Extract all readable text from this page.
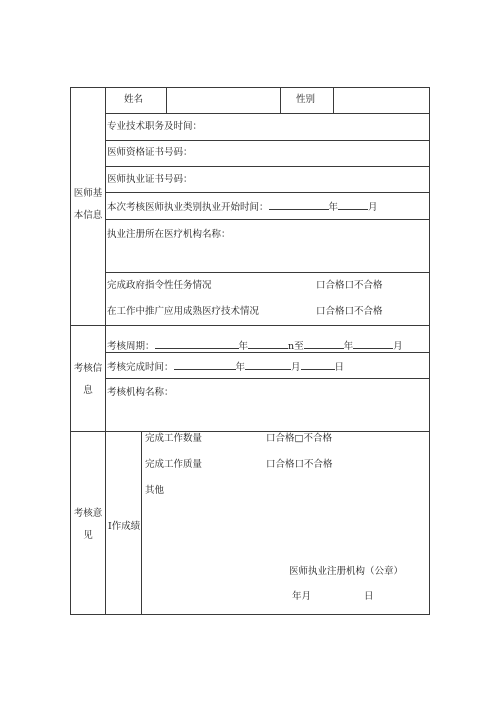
医师基
本信息
考核信
息
考核意
见
姓名	性别
专业技术职务及时间：
医师资格证书号码：
医师执业证书号码：
本次考核医师执业类别执业开始时间：	年	月
执业注册所在医疗机构名称：
完成政府指令性任务情况	口合格口不合格
在工作中推广应用成熟医疗技术情况	口合格口不合格
考核周期：	年	n至	年	月
考核完成时间：	年	月	日
考核机构名称：
I作成绩
完成工作数量	口合格□不合格
完成工作质量	口合格口不合格
其他
医师执业注册机构（公章）
年月	日
